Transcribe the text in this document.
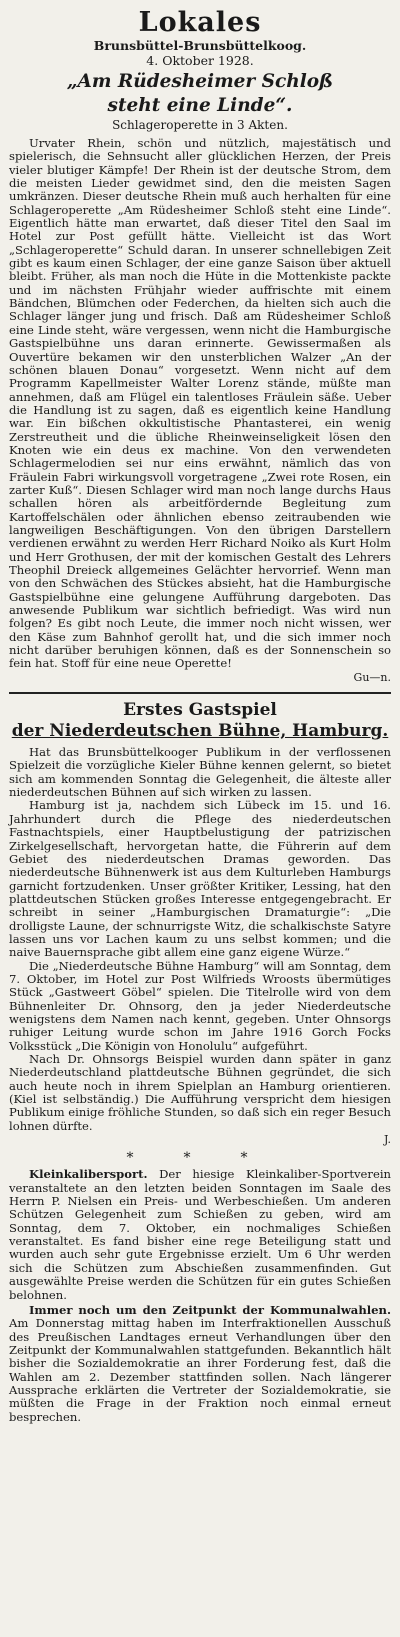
Lokales
Brunsbüttel-Brunsbüttelkoog.
4. Oktober 1928.
„Am Rüdesheimer Schloß
steht eine Linde“.
Schlageroperette in 3 Akten.

Urvater Rhein, schön und nützlich, majestätisch und spielerisch, die Sehnsucht aller glücklichen Herzen, der Preis vieler blutiger Kämpfe! Der Rhein ist der deutsche Strom, dem die meisten Lieder gewidmet sind, den die meisten Sagen umkränzen. Dieser deutsche Rhein muß auch herhalten für eine Schlageroperette „Am Rüdesheimer Schloß steht eine Linde“. Eigentlich hätte man erwartet, daß dieser Titel den Saal im Hotel zur Post gefüllt hätte. Vielleicht ist das Wort „Schlageroperette“ Schuld daran. In unserer schnellebigen Zeit gibt es kaum einen Schlager, der eine ganze Saison über aktuell bleibt. Früher, als man noch die Hüte in die Mottenkiste packte und im nächsten Frühjahr wieder auffrischte mit einem Bändchen, Blümchen oder Federchen, da hielten sich auch die Schlager länger jung und frisch. Daß am Rüdesheimer Schloß eine Linde steht, wäre vergessen, wenn nicht die Hamburgische Gastspielbühne uns daran erinnerte. Gewissermaßen als Ouvertüre bekamen wir den unsterblichen Walzer „An der schönen blauen Donau“ vorgesetzt. Wenn nicht auf dem Programm Kapellmeister Walter Lorenz stände, müßte man annehmen, daß am Flügel ein talentloses Fräulein säße. Ueber die Handlung ist zu sagen, daß es eigentlich keine Handlung war. Ein bißchen okkultistische Phantasterei, ein wenig Zerstreutheit und die übliche Rheinweinseligkeit lösen den Knoten wie ein deus ex machine. Von den verwendeten Schlagermelodien sei nur eins erwähnt, nämlich das von Fräulein Fabri wirkungsvoll vorgetragene „Zwei rote Rosen, ein zarter Kuß“. Diesen Schlager wird man noch lange durchs Haus schallen hören als arbeitfördernde Begleitung zum Kartoffelschälen oder ähnlichen ebenso zeitraubenden wie langweiligen Beschäftigungen. Von den übrigen Darstellern verdienen erwähnt zu werden Herr Richard Noiko als Kurt Holm und Herr Grothusen, der mit der komischen Gestalt des Lehrers Theophil Dreieck allgemeines Gelächter hervorrief. Wenn man von den Schwächen des Stückes absieht, hat die Hamburgische Gastspielbühne eine gelungene Aufführung dargeboten. Das anwesende Publikum war sichtlich befriedigt. Was wird nun folgen? Es gibt noch Leute, die immer noch nicht wissen, wer den Käse zum Bahnhof gerollt hat, und die sich immer noch nicht darüber beruhigen können, daß es der Sonnenschein so fein hat. Stoff für eine neue Operette!

Gu—n.
Erstes Gastspiel
der Niederdeutschen Bühne, Hamburg.

Hat das Brunsbüttelkooger Publikum in der verflossenen Spielzeit die vorzügliche Kieler Bühne kennen gelernt, so bietet sich am kommenden Sonntag die Gelegenheit, die älteste aller niederdeutschen Bühnen auf sich wirken zu lassen.

Hamburg ist ja, nachdem sich Lübeck im 15. und 16. Jahrhundert durch die Pflege des niederdeutschen Fastnachtspiels, einer Hauptbelustigung der patrizischen Zirkelgesellschaft, hervorgetan hatte, die Führerin auf dem Gebiet des niederdeutschen Dramas geworden. Das niederdeutsche Bühnenwerk ist aus dem Kulturleben Hamburgs garnicht fortzudenken. Unser größter Kritiker, Lessing, hat den plattdeutschen Stücken großes Interesse entgegengebracht. Er schreibt in seiner „Hamburgischen Dramaturgie“: „Die drolligste Laune, der schnurrigste Witz, die schalkischste Satyre lassen uns vor Lachen kaum zu uns selbst kommen; und die naive Bauernsprache gibt allem eine ganz eigene Würze.“

Die „Niederdeutsche Bühne Hamburg“ will am Sonntag, dem 7. Oktober, im Hotel zur Post Wilfrieds Wroosts übermütiges Stück „Gastweert Göbel“ spielen. Die Titelrolle wird von dem Bühnenleiter Dr. Ohnsorg, den ja jeder Niederdeutsche wenigstens dem Namen nach kennt, gegeben. Unter Ohnsorgs ruhiger Leitung wurde schon im Jahre 1916 Gorch Focks Volksstück „Die Königin von Honolulu“ aufgeführt.

Nach Dr. Ohnsorgs Beispiel wurden dann später in ganz Niederdeutschland plattdeutsche Bühnen gegründet, die sich auch heute noch in ihrem Spielplan an Hamburg orientieren. (Kiel ist selbständig.) Die Aufführung verspricht dem hiesigen Publikum einige fröhliche Stunden, so daß sich ein reger Besuch lohnen dürfte.

J.
***

Kleinkalibersport. Der hiesige Kleinkaliber-Sportverein veranstaltete an den letzten beiden Sonntagen im Saale des Herrn P. Nielsen ein Preis- und Werbeschießen. Um anderen Schützen Gelegenheit zum Schießen zu geben, wird am Sonntag, dem 7. Oktober, ein nochmaliges Schießen veranstaltet. Es fand bisher eine rege Beteiligung statt und wurden auch sehr gute Ergebnisse erzielt. Um 6 Uhr werden sich die Schützen zum Abschießen zusammenfinden. Gut ausgewählte Preise werden die Schützen für ein gutes Schießen belohnen.

Immer noch um den Zeitpunkt der Kommunalwahlen. Am Donnerstag mittag haben im Interfraktionellen Ausschuß des Preußischen Landtages erneut Verhandlungen über den Zeitpunkt der Kommunalwahlen stattgefunden. Bekanntlich hält bisher die Sozialdemokratie an ihrer Forderung fest, daß die Wahlen am 2. Dezember stattfinden sollen. Nach längerer Aussprache erklärten die Vertreter der Sozialdemokratie, sie müßten die Frage in der Fraktion noch einmal erneut besprechen.
